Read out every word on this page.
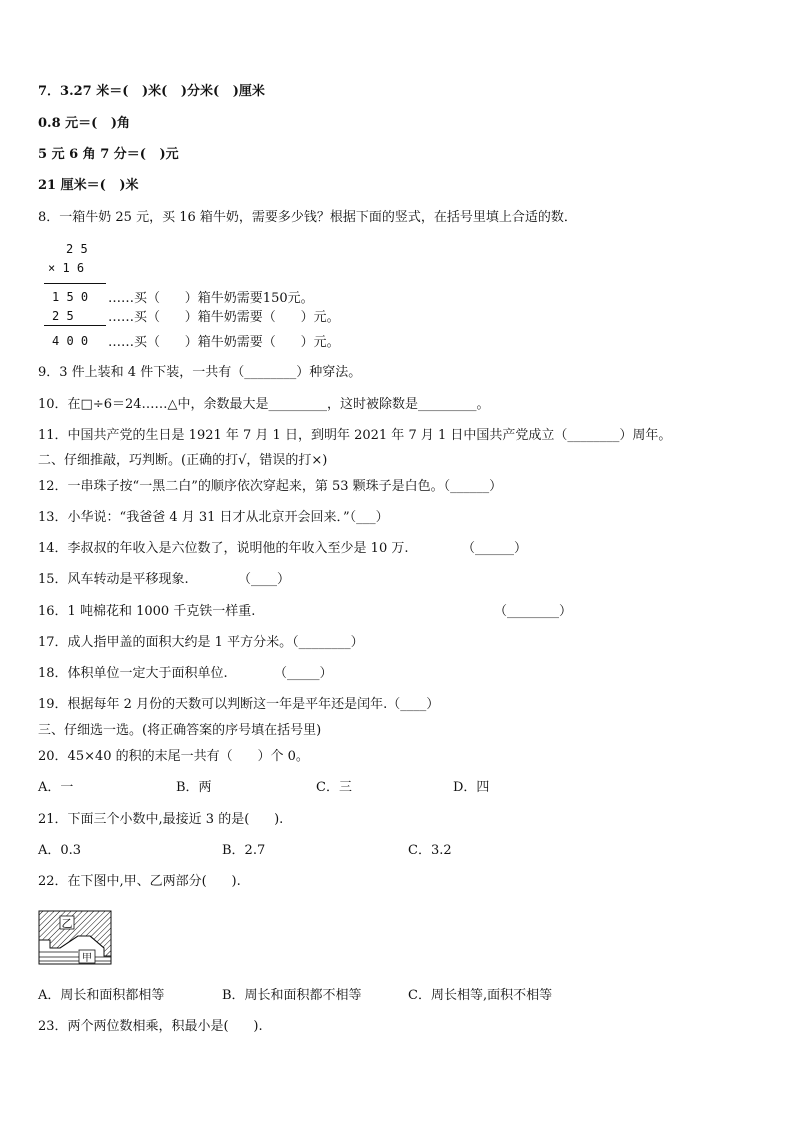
7．3.27 米＝(   )米(   )分米(   )厘米
0.8 元＝(   )角
5 元 6 角 7 分＝(   )元
21 厘米＝(   )米
8．一箱牛奶 25 元，买 16 箱牛奶，需要多少钱？根据下面的竖式，在括号里填上合适的数．
2 5
× 1 6
1 5 0 ……买（      ）箱牛奶需要150元。
2 5	……买（      ）箱牛奶需要（      ）元。
4 0 0 ……买（      ）箱牛奶需要（      ）元。
9．3 件上装和 4 件下装，一共有（________）种穿法。
10．在□÷6＝24……△中，余数最大是_________，这时被除数是_________。
11．中国共产党的生日是 1921 年 7 月 1 日，到明年 2021 年 7 月 1 日中国共产党成立（________）周年。
二、仔细推敲，巧判断。(正确的打√，错误的打×)
12．一串珠子按“一黑二白”的顺序依次穿起来，第 53 颗珠子是白色。（______）
13．小华说：“我爸爸 4 月 31 日才从北京开会回来．”（___）
14．李叔叔的年收入是六位数了，说明他的年收入至少是 10 万.	（______）
15．风车转动是平移现象.	（____）
16．1 吨棉花和 1000 千克铁一样重.	（________）
17．成人指甲盖的面积大约是 1 平方分米。（________）
18．体积单位一定大于面积单位.	（_____）
19．根据每年 2 月份的天数可以判断这一年是平年还是闰年.（____）
三、仔细选一选。(将正确答案的序号填在括号里)
20．45×40 的积的末尾一共有（      ）个 0。
A．一	B．两	C．三	D．四
21．下面三个小数中,最接近 3 的是(      ).
A．0.3	B．2.7	C．3.2
22．在下图中,甲、乙两部分(      ).
乙
甲
A．周长和面积都相等	B．周长和面积都不相等	C．周长相等,面积不相等
23．两个两位数相乘，积最小是(      ).
